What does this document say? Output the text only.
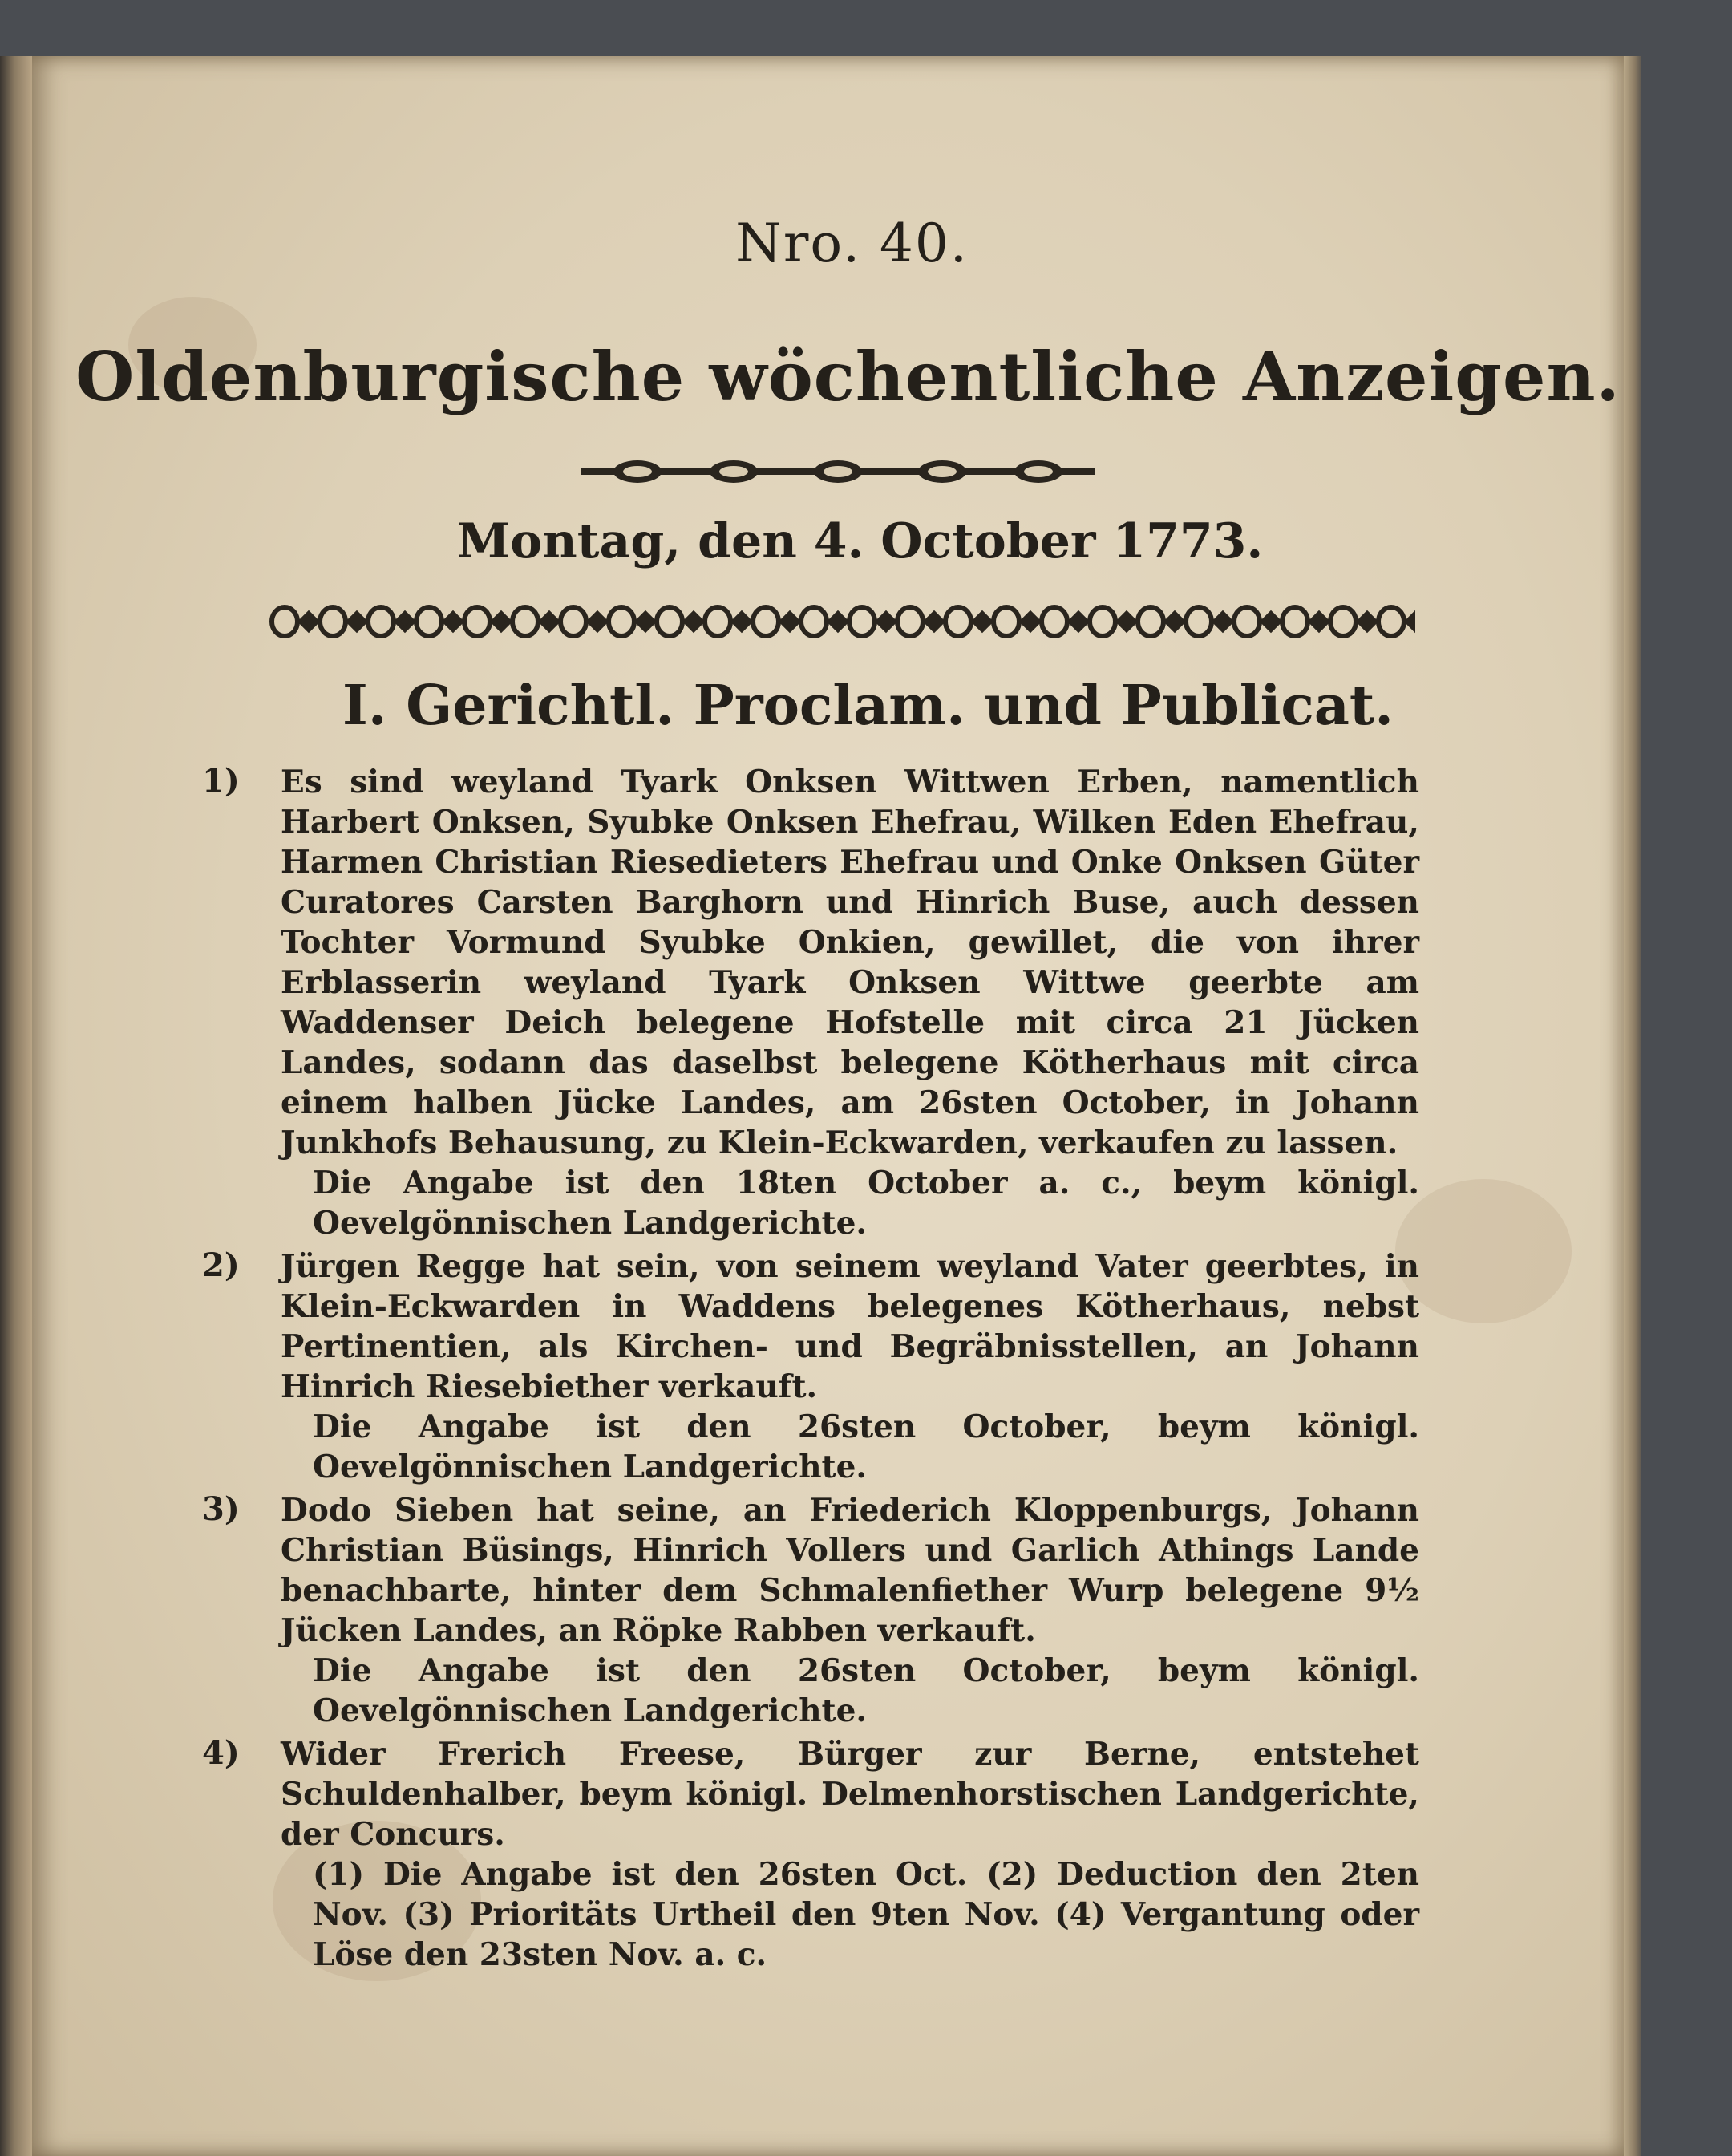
Nro. 40.
Oldenburgische wöchentliche Anzeigen.
Montag, den 4. October 1773.
I. Gerichtl. Proclam. und Publicat.
1) Es sind weyland Tyark Onksen Wittwen Erben, namentlich Harbert Onksen, Syubke Onksen Ehefrau, Wilken Eden Ehefrau, Harmen Christian Riesedieters Ehefrau und Onke Onksen Güter Curatores Carsten Barghorn und Hinrich Buse, auch dessen Tochter Vormund Syubke Onkien, gewillet, die von ihrer Erblasserin weyland Tyark Onksen Wittwe geerbte am Waddenser Deich belegene Hofstelle mit circa 21 Jücken Landes, sodann das daselbst belegene Kötherhaus mit circa einem halben Jücke Landes, am 26sten October, in Johann Junkhofs Behausung, zu Klein-Eckwarden, verkaufen zu lassen.
Die Angabe ist den 18ten October a. c., beym königl. Oevelgönnischen Landgerichte.
2) Jürgen Regge hat sein, von seinem weyland Vater geerbtes, in Klein-Eckwarden in Waddens belegenes Kötherhaus, nebst Pertinentien, als Kirchen- und Begräbnisstellen, an Johann Hinrich Riesebiether verkauft.
Die Angabe ist den 26sten October, beym königl. Oevelgönnischen Landgerichte.
3) Dodo Sieben hat seine, an Friederich Kloppenburgs, Johann Christian Büsings, Hinrich Vollers und Garlich Athings Lande benachbarte, hinter dem Schmalenfiether Wurp belegene 9½ Jücken Landes, an Röpke Rabben verkauft.
Die Angabe ist den 26sten October, beym königl. Oevelgönnischen Landgerichte.
4) Wider Frerich Freese, Bürger zur Berne, entstehet Schuldenhalber, beym königl. Delmenhorstischen Landgerichte, der Concurs.
(1) Die Angabe ist den 26sten Oct. (2) Deduction den 2ten Nov. (3) Prioritäts Urtheil den 9ten Nov. (4) Vergantung oder Löse den 23sten Nov. a. c.
